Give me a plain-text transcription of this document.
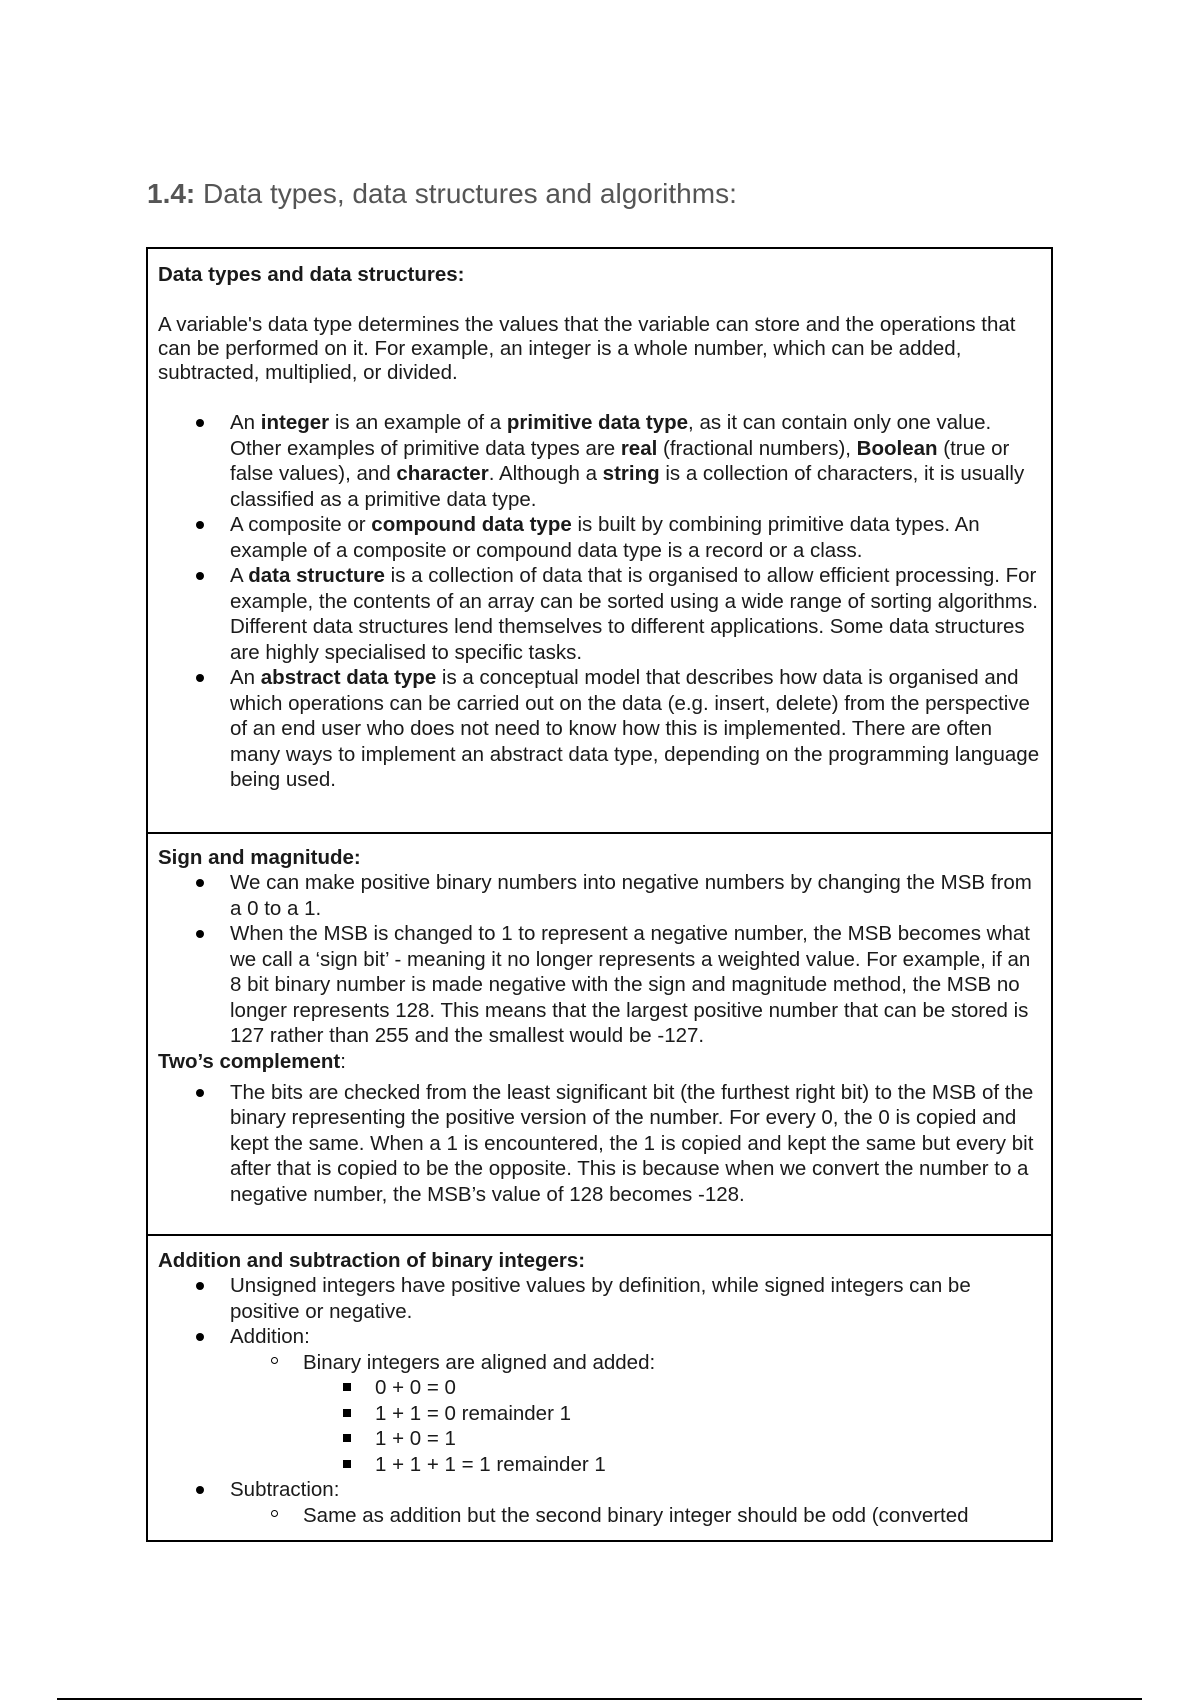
1.4: Data types, data structures and algorithms:
Data types and data structures:
A variable's data type determines the values that the variable can store and the operations that can be performed on it. For example, an integer is a whole number, which can be added, subtracted, multiplied, or divided.
An integer is an example of a primitive data type, as it can contain only one value. Other examples of primitive data types are real (fractional numbers), Boolean (true or false values), and character. Although a string is a collection of characters, it is usually classified as a primitive data type.
A composite or compound data type is built by combining primitive data types. An example of a composite or compound data type is a record or a class.
A data structure is a collection of data that is organised to allow efficient processing. For example, the contents of an array can be sorted using a wide range of sorting algorithms. Different data structures lend themselves to different applications. Some data structures are highly specialised to specific tasks.
An abstract data type is a conceptual model that describes how data is organised and which operations can be carried out on the data (e.g. insert, delete) from the perspective of an end user who does not need to know how this is implemented. There are often many ways to implement an abstract data type, depending on the programming language being used.
Sign and magnitude:
We can make positive binary numbers into negative numbers by changing the MSB from a 0 to a 1.
When the MSB is changed to 1 to represent a negative number, the MSB becomes what we call a ‘sign bit’ - meaning it no longer represents a weighted value. For example, if an 8 bit binary number is made negative with the sign and magnitude method, the MSB no longer represents 128. This means that the largest positive number that can be stored is 127 rather than 255 and the smallest would be -127.
Two’s complement:
The bits are checked from the least significant bit (the furthest right bit) to the MSB of the binary representing the positive version of the number. For every 0, the 0 is copied and kept the same. When a 1 is encountered, the 1 is copied and kept the same but every bit after that is copied to be the opposite. This is because when we convert the number to a negative number, the MSB’s value of 128 becomes -128.
Addition and subtraction of binary integers:
Unsigned integers have positive values by definition, while signed integers can be positive or negative.
Addition:
Binary integers are aligned and added:
0 + 0 = 0
1 + 1 = 0 remainder 1
1 + 0 = 1
1 + 1 + 1 = 1 remainder 1
Subtraction:
Same as addition but the second binary integer should be odd (converted
